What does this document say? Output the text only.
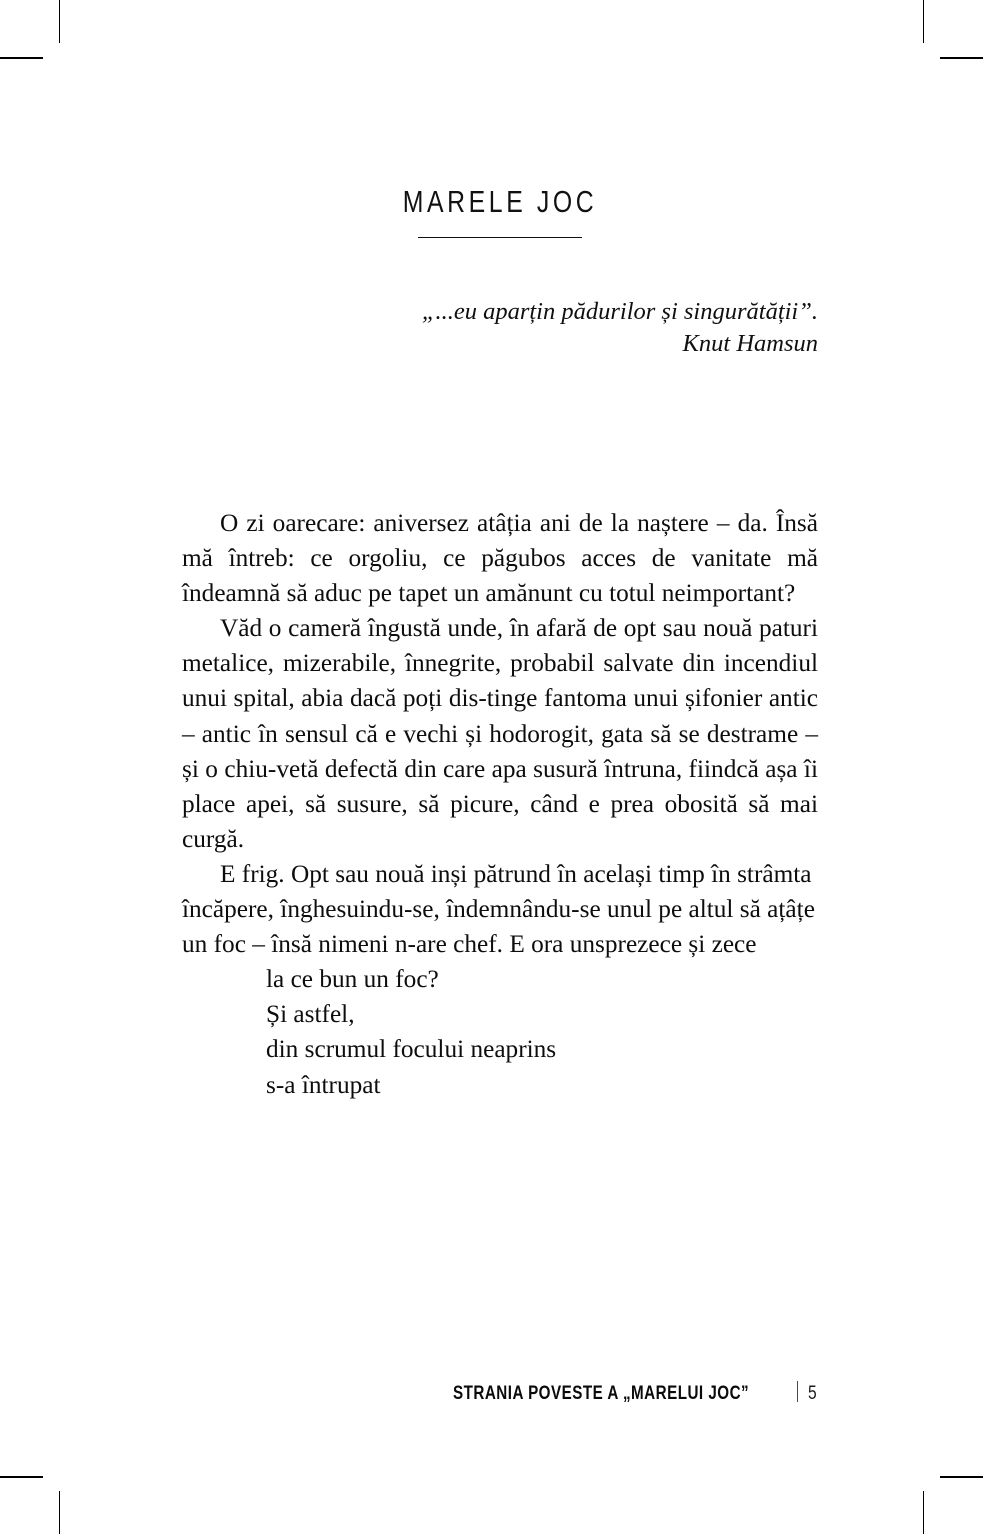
MARELE JOC
„...eu aparțin pădurilor și singurătății”.
Knut Hamsun

O zi oarecare: aniversez atâția ani de la naștere – da. Însă mă întreb: ce orgoliu, ce păgubos acces de vanitate mă îndeamnă să aduc pe tapet un amănunt cu totul neimportant?

Văd o cameră îngustă unde, în afară de opt sau nouă paturi metalice, mizerabile, înnegrite, probabil salvate din incendiul unui spital, abia dacă poți dis-tinge fantoma unui șifonier antic – antic în sensul că e vechi și hodorogit, gata să se destrame – și o chiu-vetă defectă din care apa susură întruna, fiindcă așa îi place apei, să susure, să picure, când e prea obosită să mai curgă.

E frig. Opt sau nouă inși pătrund în același timp în strâmta încăpere, înghesuindu-se, îndemnându-se unul pe altul să ațâțe un foc – însă nimeni n-are chef. E ora unsprezece și zece

la ce bun un foc?

Și astfel,

din scrumul focului neaprins

s-a întrupat

STRANIA POVESTE A „MARELUI JOC”	5
